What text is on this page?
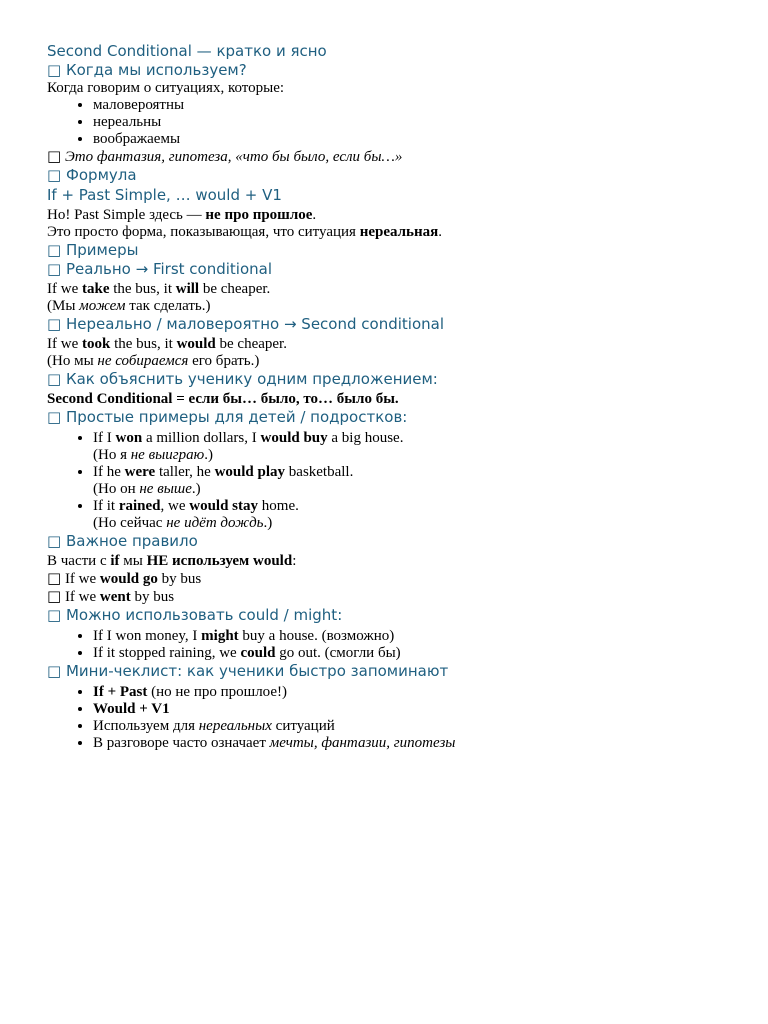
Second Conditional — кратко и ясно
□ Когда мы используем?

Когда говорим о ситуациях, которые:

• маловероятны
• нереальны
• воображаемы

□ Это фантазия, гипотеза, «что бы было, если бы…»

□ Формула
If + Past Simple, … would + V1

Но! Past Simple здесь — не про прошлое.

Это просто форма, показывающая, что ситуация нереальная.

□ Примеры
□ Реально → First conditional

If we take the bus, it will be cheaper.

(Мы можем так сделать.)

□ Нереально / маловероятно → Second conditional

If we took the bus, it would be cheaper.

(Но мы не собираемся его брать.)

□ Как объяснить ученику одним предложением:

Second Conditional = если бы… было, то… было бы.

□ Простые примеры для детей / подростков:
• If I won a million dollars, I would buy a big house.
(Но я не выиграю.)
• If he were taller, he would play basketball.
(Но он не выше.)
• If it rained, we would stay home.
(Но сейчас не идёт дождь.)
□ Важное правило

В части с if мы НЕ используем would:

□ If we would go by bus

□ If we went by bus

□ Можно использовать could / might:
• If I won money, I might buy a house. (возможно)
• If it stopped raining, we could go out. (смогли бы)
□ Мини-чеклист: как ученики быстро запоминают
• If + Past (но не про прошлое!)
• Would + V1
• Используем для нереальных ситуаций
• В разговоре часто означает мечты, фантазии, гипотезы
